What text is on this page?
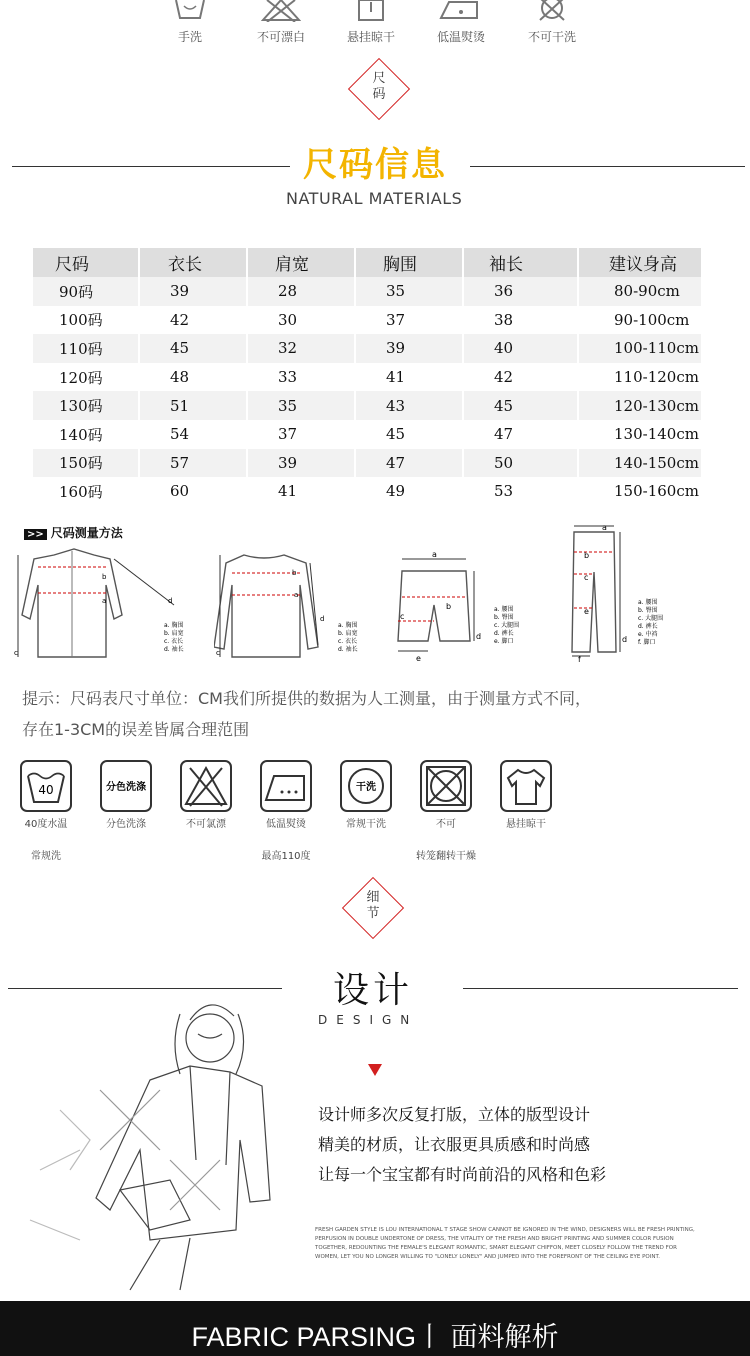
手洗	不可漂白	悬挂晾干	低温熨烫	不可干洗
尺
码
尺码信息
NATURAL MATERIALS
尺码	衣长	肩宽	胸围	袖长	建议身高
90码	39	28	35	36	80-90cm
100码	42	30	37	38	90-100cm
110码	45	32	39	40	100-110cm
120码	48	33	41	42	110-120cm
130码	51	35	43	45	120-130cm
140码	54	37	45	47	130-140cm
150码	57	39	47	50	140-150cm
160码	60	41	49	53	150-160cm
>> 尺码测量方法
b
a
c
d
a. 胸围
b. 肩宽
c. 衣长
d. 袖长
b
a
c
d
a. 胸围
b. 肩宽
c. 衣长
d. 袖长
a
b
c
d
e
a. 腰围
b. 臀围
c. 大腿围
d. 裤长
e. 脚口
a
b
c
d
e
f
a. 腰围
b. 臀围
c. 大腿围
d. 裤长
e. 中裆
f. 脚口
提示：尺码表尺寸单位：CM我们所提供的数据为人工测量，由于测量方式不同，
存在1-3CM的误差皆属合理范围
40
40度水温

常规洗
分色洗涤
分色洗涤	不可氯漂	低温熨烫

最高110度
干洗
常规干洗	不可

转笼翻转干燥
悬挂晾干
细
节
设计
DESIGN
设计师多次反复打版，立体的版型设计
精美的材质，让衣服更具质感和时尚感
让每一个宝宝都有时尚前沿的风格和色彩
FRESH GARDEN STYLE IS LOU INTERNATIONAL T STAGE SHOW CANNOT BE IGNORED IN THE WIND, DESIGNERS WILL BE FRESH PRINTING, PERFUSION IN DOUBLE UNDERTONE OF DRESS, THE VITALITY OF THE FRESH AND BRIGHT PRINTING AND SUMMER COLOR FUSION TOGETHER, REDOUNTING THE FEMALE'S ELEGANT ROMANTIC, SMART ELEGANT CHIFFON, MEET CLOSELY FOLLOW THE TREND FOR WOMEN, LET YOU NO LONGER WILLING TO "LONELY LONELY" AND JUMPED INTO THE FOREFRONT OF THE CEILING EYE POINT.
FABRIC PARSING丨 面料解析
